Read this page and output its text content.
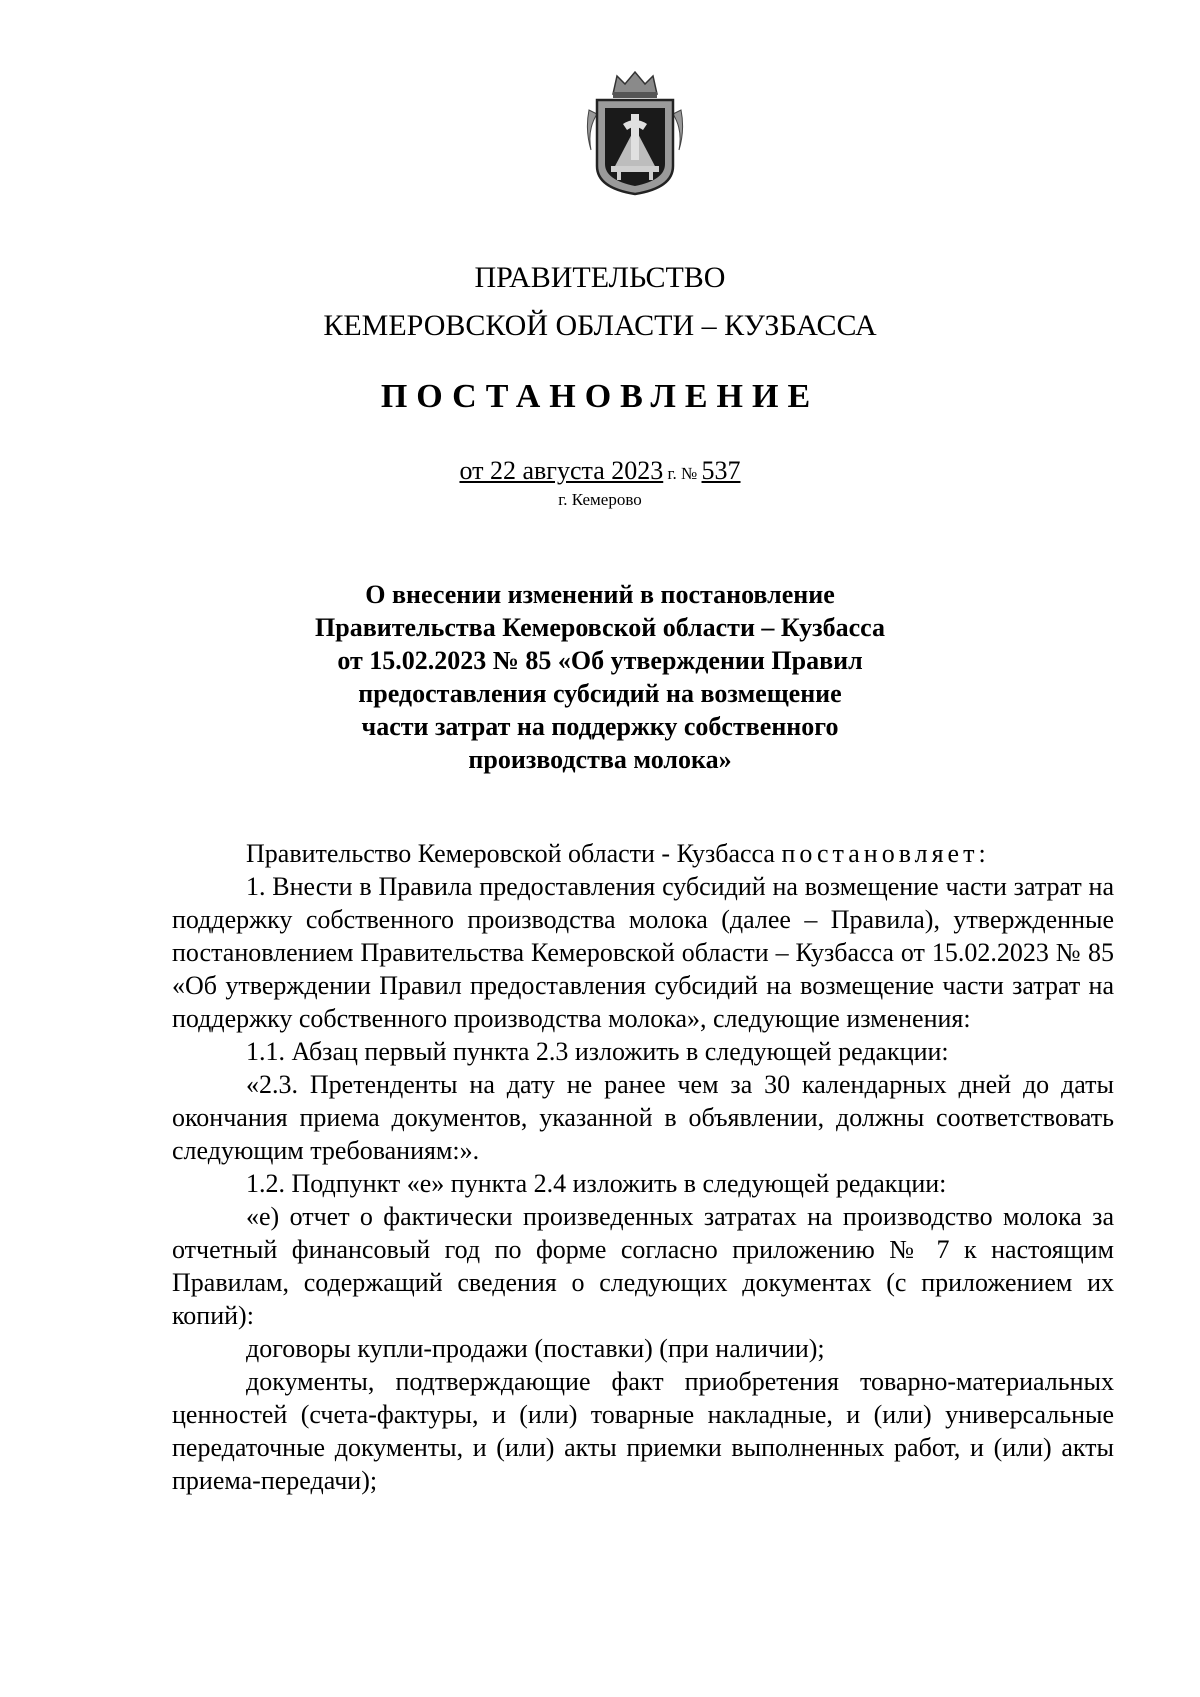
ПРАВИТЕЛЬСТВО
КЕМЕРОВСКОЙ ОБЛАСТИ – КУЗБАССА
ПОСТАНОВЛЕНИЕ
от 22 августа 2023 г. № 537
г. Кемерово
О внесении изменений в постановление
Правительства Кемеровской области – Кузбасса
от 15.02.2023 № 85 «Об утверждении Правил
предоставления субсидий на возмещение
части затрат на поддержку собственного
производства молока»

Правительство Кемеровской области - Кузбасса постановляет:

1. Внести в Правила предоставления субсидий на возмещение части затрат на поддержку собственного производства молока (далее – Правила), утвержденные постановлением Правительства Кемеровской области – Кузбасса от 15.02.2023 № 85 «Об утверждении Правил предоставления субсидий на возмещение части затрат на поддержку собственного производства молока», следующие изменения:

1.1. Абзац первый пункта 2.3 изложить в следующей редакции:

«2.3. Претенденты на дату не ранее чем за 30 календарных дней до даты окончания приема документов, указанной в объявлении, должны соответствовать следующим требованиям:».

1.2. Подпункт «е» пункта 2.4 изложить в следующей редакции:

«е) отчет о фактически произведенных затратах на производство молока за отчетный финансовый год по форме согласно приложению № 7 к настоящим Правилам, содержащий сведения о следующих документах (с приложением их копий):

договоры купли-продажи (поставки) (при наличии);

документы, подтверждающие факт приобретения товарно-материальных ценностей (счета-фактуры, и (или) товарные накладные, и (или) универсальные передаточные документы, и (или) акты приемки выполненных работ, и (или) акты приема-передачи);
